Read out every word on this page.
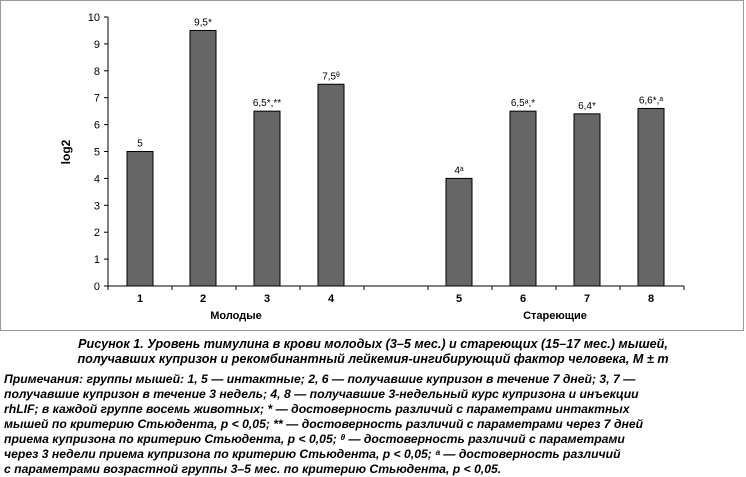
log2
0
1
2
3
4
5
6
7
8
9
10
5
1
9,5*
2
6,5*,**
3
7,5ᶿ
4
4ᵃ
5
6,5ᵃ,*
6
6,4*
7
6,6*,ᵃ
8
Молодые	Стареющие
Рисунок 1. Уровень тимулина в крови молодых (3–5 мес.) и стареющих (15–17 мес.) мышей,
получавших купризон и рекомбинантный лейкемия-ингибирующий фактор человека, M ± m
Примечания: группы мышей: 1, 5 — интактные; 2, 6 — получавшие купризон в течение 7 дней; 3, 7 —
получавшие купризон в течение 3 недель; 4, 8 — получавшие 3-недельный курс купризона и инъекции
rhLIF; в каждой группе восемь животных; * — достоверность различий с параметрами интактных
мышей по критерию Стьюдента, p < 0,05; ** — достоверность различий с параметрами через 7 дней
приема купризона по критерию Стьюдента, p < 0,05; ᶿ — достоверность различий с параметрами
через 3 недели приема купризона по критерию Стьюдента, p < 0,05; ᵃ — достоверность различий
с параметрами возрастной группы 3–5 мес. по критерию Стьюдента, p < 0,05.
